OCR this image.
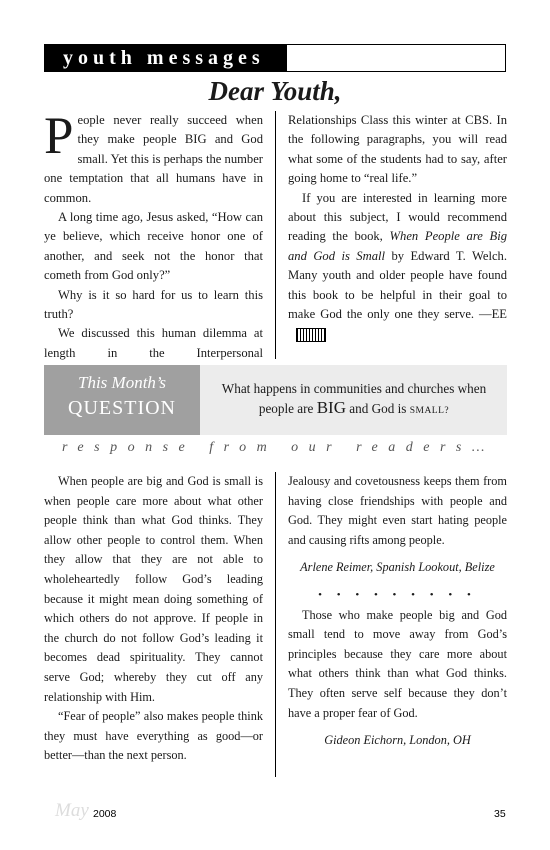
youth messages
Dear Youth,

People never really succeed when they make people BIG and God small. Yet this is perhaps the number one temptation that all humans have in common.

A long time ago, Jesus asked, “How can ye believe, which receive honor one of another, and seek not the honor that cometh from God only?”

Why is it so hard for us to learn this truth?

We discussed this human dilemma at length in the Interpersonal

Relationships Class this winter at CBS. In the following paragraphs, you will read what some of the students had to say, after going home to “real life.”

If you are interested in learning more about this subject, I would recommend reading the book, When People are Big and God is Small by Edward T. Welch. Many youth and older people have found this book to be helpful in their goal to make God the only one they serve. —EE

This Month’s
QUESTION
What happens in communities and churches when people are BIG and God is SMALL?
response from our readers…

When people are big and God is small is when people care more about what other people think than what God thinks. They allow other people to control them. When they allow that they are not able to wholeheartedly follow God’s leading because it might mean doing something of which others do not approve. If people in the church do not follow God’s leading it becomes dead spirituality. They cannot serve God; whereby they cut off any relationship with Him.

“Fear of people” also makes people think they must have everything as good—or better—than the next person.

Jealousy and covetousness keeps them from having close friendships with people and God. They might even start hating people and causing rifts among people.

Arlene Reimer, Spanish Lookout, Belize

• • • • • • • • •

Those who make people big and God small tend to move away from God’s principles because they care more about what others think than what God thinks. They often serve self because they don’t have a proper fear of God.

Gideon Eichorn, London, OH

May 2008	35
